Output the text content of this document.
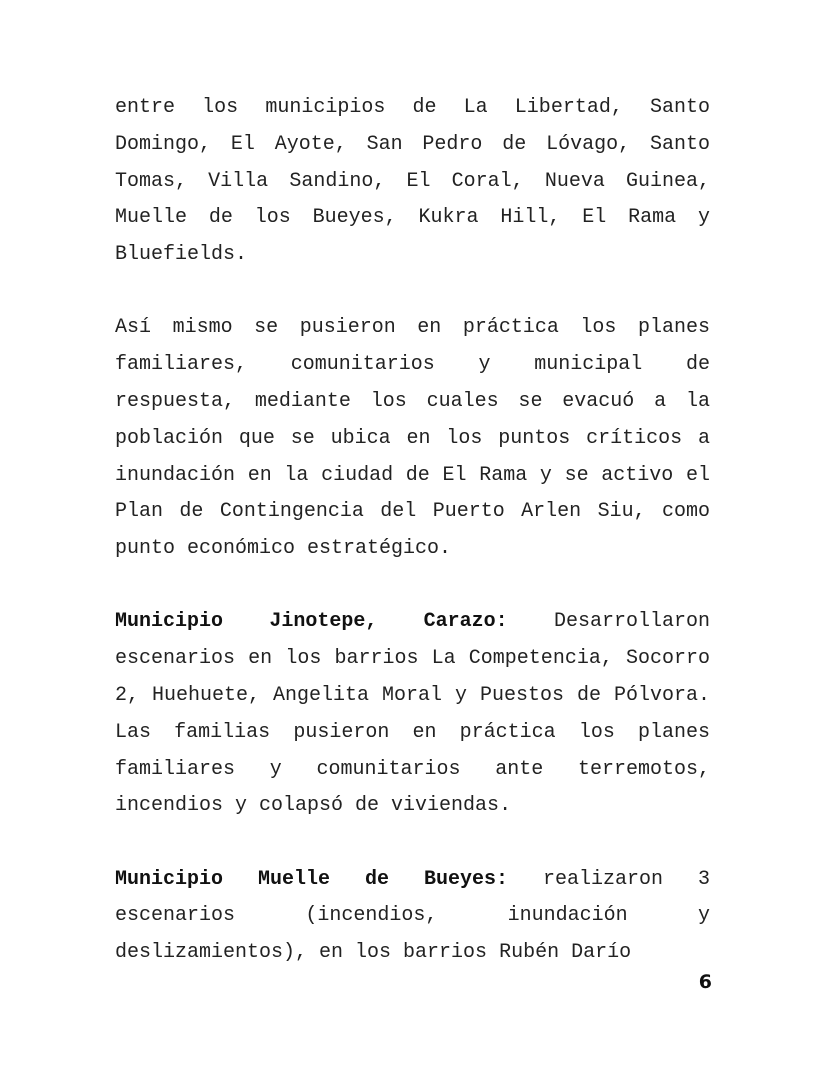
entre los municipios de La Libertad, Santo Domingo, El Ayote, San Pedro de Lóvago, Santo Tomas, Villa Sandino, El Coral, Nueva Guinea, Muelle de los Bueyes, Kukra Hill, El Rama y Bluefields.

Así mismo se pusieron en práctica los planes familiares, comunitarios y municipal de respuesta, mediante los cuales se evacuó a la población que se ubica en los puntos críticos a inundación en la ciudad de El Rama y se activo el Plan de Contingencia del Puerto Arlen Siu, como punto económico estratégico.

Municipio Jinotepe, Carazo: Desarrollaron escenarios en los barrios La Competencia, Socorro 2, Huehuete, Angelita Moral y Puestos de Pólvora. Las familias pusieron en práctica los planes familiares y comunitarios ante terremotos, incendios y colapsó de viviendas.

Municipio Muelle de Bueyes: realizaron 3 escenarios (incendios, inundación y deslizamientos), en los barrios Rubén Darío

6
